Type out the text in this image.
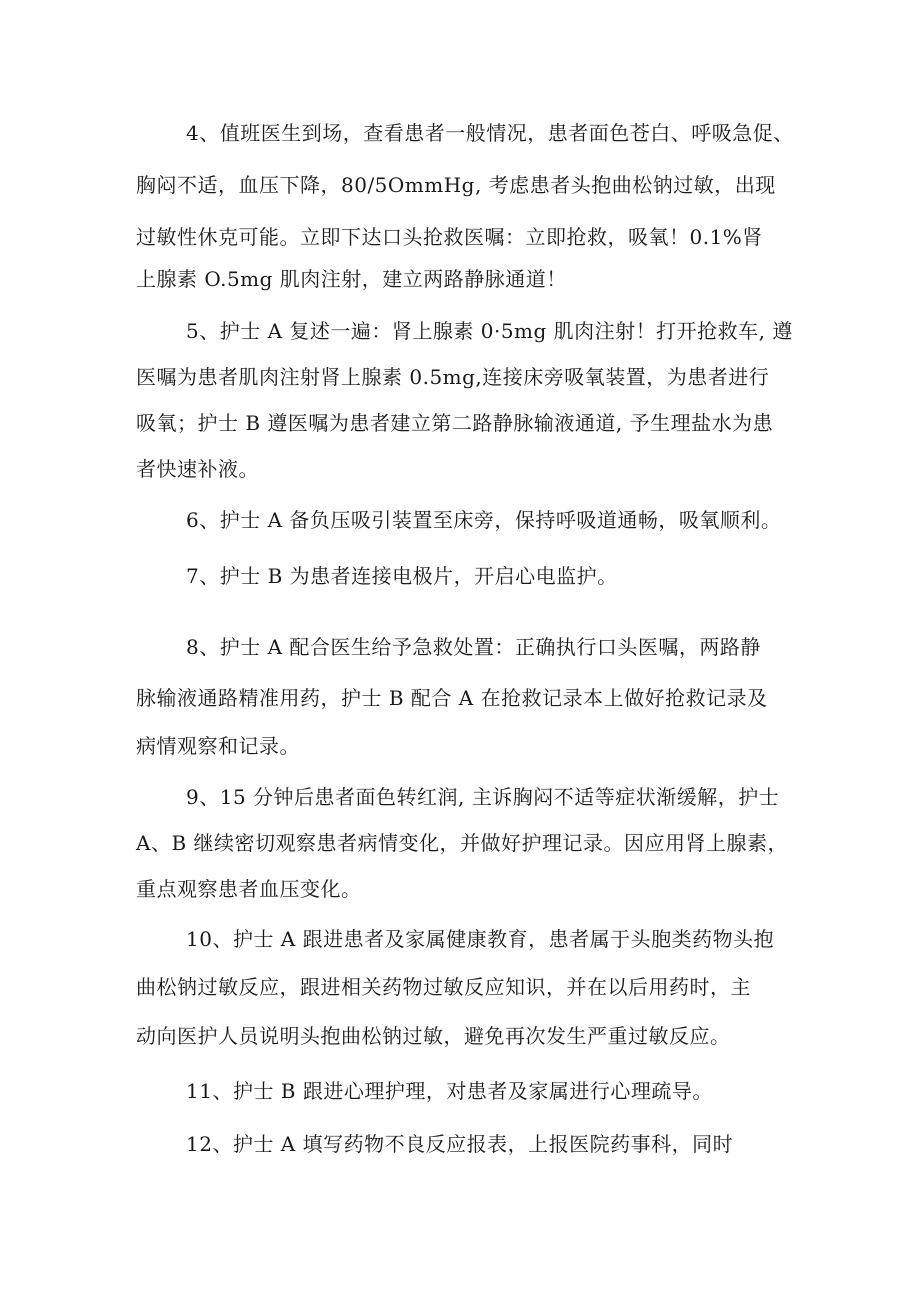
4、值班医生到场，查看患者一般情况，患者面色苍白、呼吸急促、
胸闷不适，血压下降，80/5OmmHg, 考虑患者头抱曲松钠过敏，出现
过敏性休克可能。立即下达口头抢救医嘱：立即抢救，吸氧！0.1%肾
上腺素 O.5mg 肌肉注射，建立两路静脉通道！
5、护士 A 复述一遍：肾上腺素 0·5mg 肌肉注射！打开抢救车, 遵
医嘱为患者肌肉注射肾上腺素 0.5mg,连接床旁吸氧装置，为患者进行
吸氧；护士 B 遵医嘱为患者建立第二路静脉输液通道, 予生理盐水为患
者快速补液。
6、护士 A 备负压吸引装置至床旁，保持呼吸道通畅，吸氧顺利。
7、护士 B 为患者连接电极片，开启心电监护。
8、护士 A 配合医生给予急救处置：正确执行口头医嘱，两路静
脉输液通路精准用药，护士 B 配合 A 在抢救记录本上做好抢救记录及
病情观察和记录。
9、15 分钟后患者面色转红润, 主诉胸闷不适等症状渐缓解，护士
A、B 继续密切观察患者病情变化，并做好护理记录。因应用肾上腺素，
重点观察患者血压变化。
10、护士 A 跟进患者及家属健康教育，患者属于头胞类药物头抱
曲松钠过敏反应，跟进相关药物过敏反应知识，并在以后用药时，主
动向医护人员说明头抱曲松钠过敏，避免再次发生严重过敏反应。
11、护士 B 跟进心理护理，对患者及家属进行心理疏导。
12、护士 A 填写药物不良反应报表，上报医院药事科，同时
